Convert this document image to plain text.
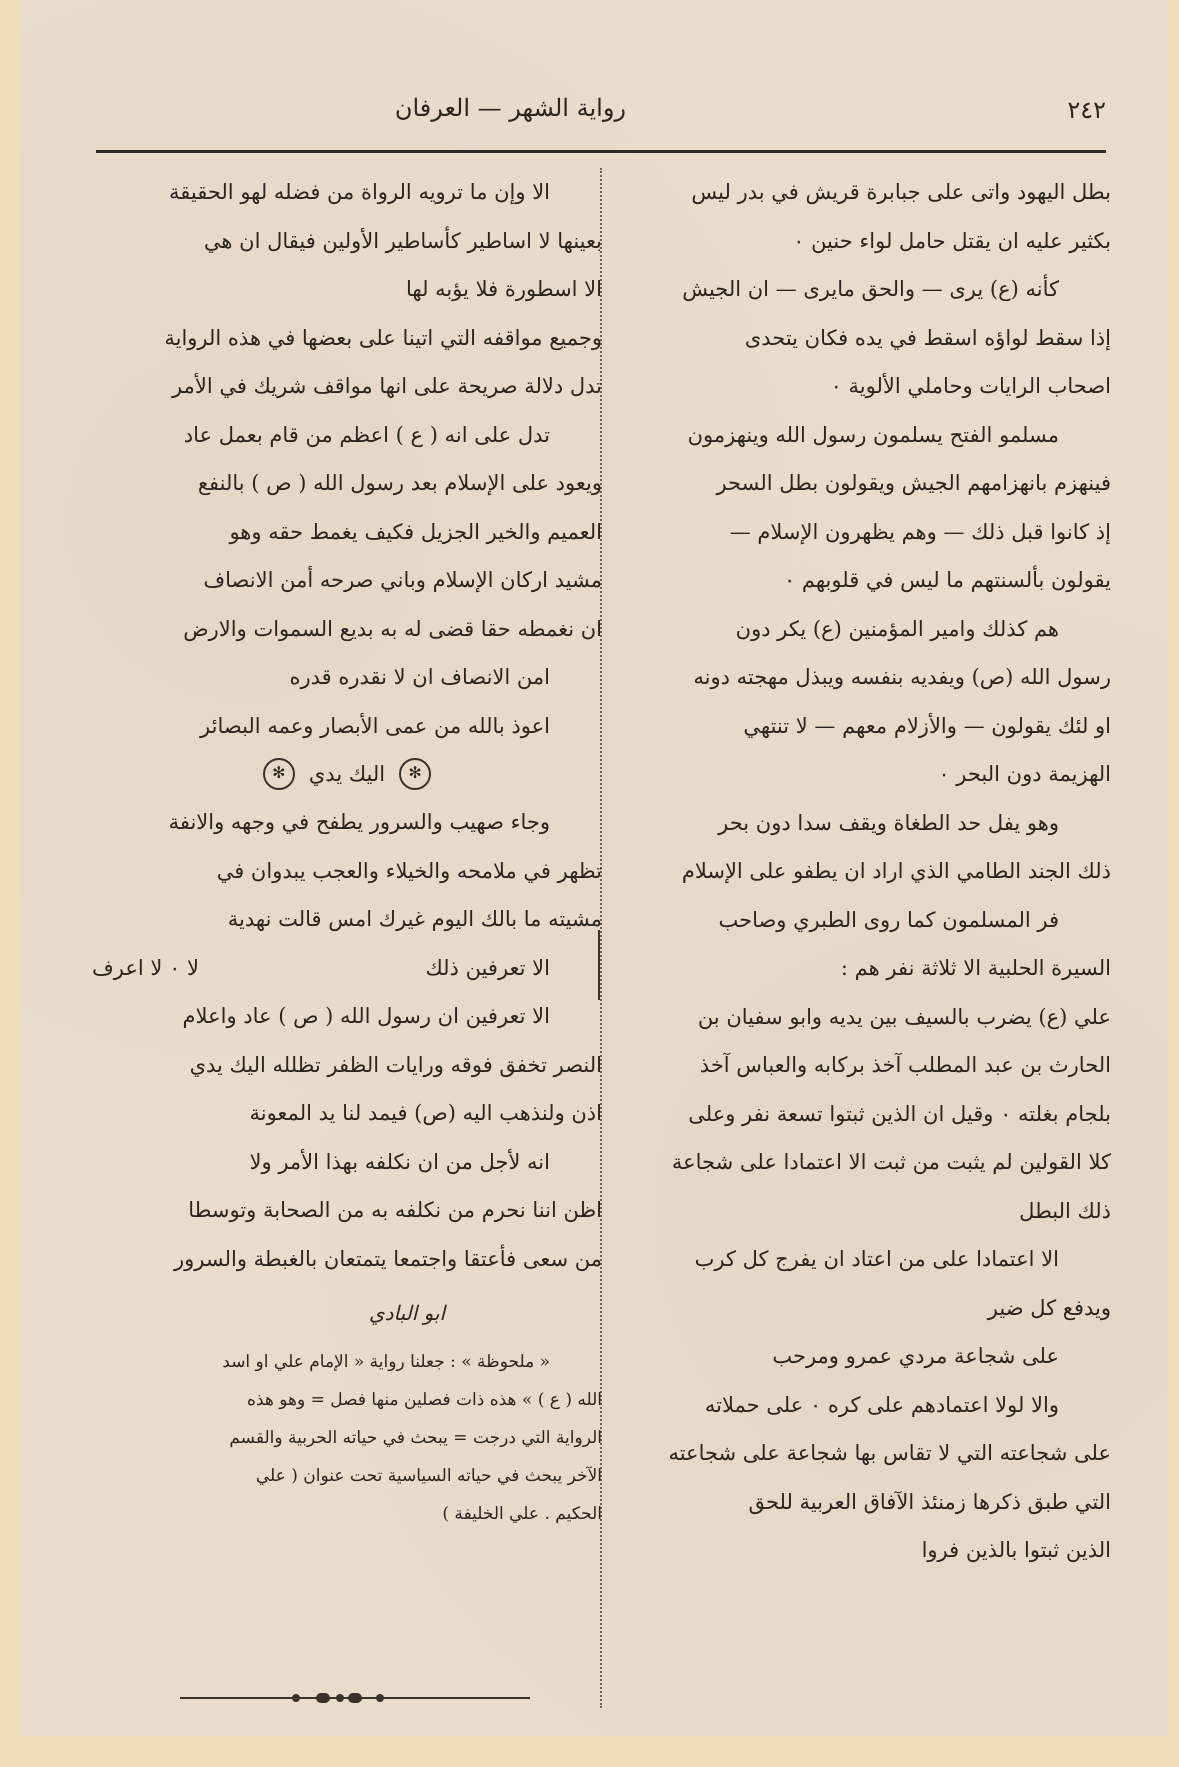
٢٤٢
رواية الشهر — العرفان
بطل اليهود واتى على جبابرة قريش في بدر ليس
بكثير عليه ان يقتل حامل لواء حنين ٠
كأنه (ع) يرى — والحق مايرى — ان الجيش
إذا سقط لواؤه اسقط في يده فكان يتحدى
اصحاب الرايات وحاملي الألوية ٠
مسلمو الفتح يسلمون رسول الله وينهزمون
فينهزم بانهزامهم الجيش ويقولون بطل السحر
إذ كانوا قبل ذلك — وهم يظهرون الإسلام —
يقولون بألسنتهم ما ليس في قلوبهم ٠
هم كذلك وامير المؤمنين (ع) يكر دون
رسول الله (ص) ويفديه بنفسه ويبذل مهجته دونه
او لئك يقولون — والأزلام معهم — لا تنتهي
الهزيمة دون البحر ٠
وهو يفل حد الطغاة ويقف سدا دون بحر
ذلك الجند الطامي الذي اراد ان يطفو على الإسلام
فر المسلمون كما روى الطبري وصاحب
السيرة الحلبية الا ثلاثة نفر هم :
علي (ع) يضرب بالسيف بين يديه وابو سفيان بن
الحارث بن عبد المطلب آخذ بركابه والعباس آخذ
بلجام بغلته ٠ وقيل ان الذين ثبتوا تسعة نفر وعلى
كلا القولين لم يثبت من ثبت الا اعتمادا على شجاعة
ذلك البطل
الا اعتمادا على من اعتاد ان يفرج كل كرب
ويدفع كل ضير
على شجاعة مردي عمرو ومرحب
والا لولا اعتمادهم على كره ٠ على حملاته
على شجاعته التي لا تقاس بها شجاعة على شجاعته
التي طبق ذكرها زمنئذ الآفاق العربية للحق
الذين ثبتوا بالذين فروا
الا وإن ما ترويه الرواة من فضله لهو الحقيقة
بعينها لا اساطير كأساطير الأولين فيقال ان هي
الا اسطورة فلا يؤبه لها
وجميع مواقفه التي اتينا على بعضها في هذه الرواية
تدل دلالة صريحة على انها مواقف شريك في الأمر
تدل على انه ( ع ) اعظم من قام بعمل عاد
ويعود على الإسلام بعد رسول الله ( ص ) بالنفع
العميم والخير الجزيل فكيف يغمط حقه وهو
مشيد اركان الإسلام وباني صرحه أمن الانصاف
ان نغمطه حقا قضى له به بديع السموات والارض
امن الانصاف ان لا نقدره قدره
اعوذ بالله من عمى الأبصار وعمه البصائر
✻
اليك يدي
✻
وجاء صهيب والسرور يطفح في وجهه والانفة
تظهر في ملامحه والخيلاء والعجب يبدوان في
مشيته ما بالك اليوم غيرك امس قالت نهدية
الا تعرفين ذلك
لا ٠ لا اعرف
الا تعرفين ان رسول الله ( ص ) عاد واعلام
النصر تخفق فوقه ورايات الظفر تظلله اليك يدي
اذن ولنذهب اليه (ص) فيمد لنا يد المعونة
انه لأجل من ان نكلفه بهذا الأمر ولا
اظن اننا نحرم من نكلفه به من الصحابة وتوسطا
من سعى فأعتقا واجتمعا يتمتعان بالغبطة والسرور
ابو البادي
« ملحوظة » : جعلنا رواية « الإمام علي او اسد
الله ( ع ) » هذه ذات فصلين منها فصل = وهو هذه
الرواية التي درجت = يبحث في حياته الحربية والقسم
الآخر يبحث في حياته السياسية تحت عنوان ( علي
الحكيم . علي الخليفة )
